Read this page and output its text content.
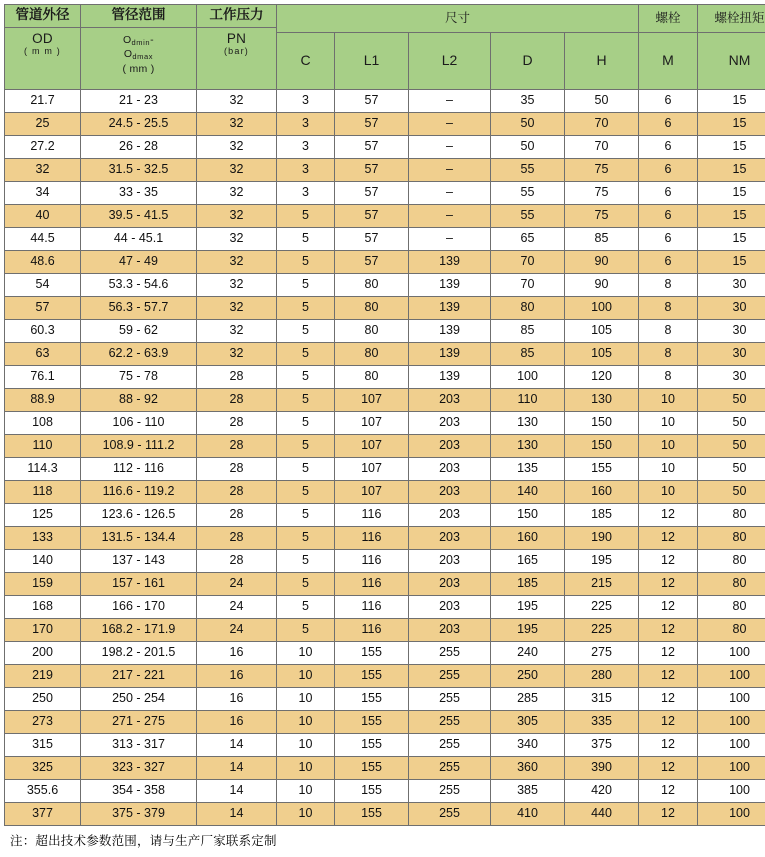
管道外径
OD
( m m )	管径范围
Odmin-
Odmax
( mm )	工作压力
PN
(bar)	尺寸					螺栓	螺栓扭矩
			C	L1	L2	D	H	M	NM
21.7	21 - 23	32	3	57	–	35	50	6	15
25	24.5 - 25.5	32	3	57	–	50	70	6	15
27.2	26 - 28	32	3	57	–	50	70	6	15
32	31.5 - 32.5	32	3	57	–	55	75	6	15
34	33 - 35	32	3	57	–	55	75	6	15
40	39.5 - 41.5	32	5	57	–	55	75	6	15
44.5	44 - 45.1	32	5	57	–	65	85	6	15
48.6	47 - 49	32	5	57	139	70	90	6	15
54	53.3 - 54.6	32	5	80	139	70	90	8	30
57	56.3 - 57.7	32	5	80	139	80	100	8	30
60.3	59 - 62	32	5	80	139	85	105	8	30
63	62.2 - 63.9	32	5	80	139	85	105	8	30
76.1	75 - 78	28	5	80	139	100	120	8	30
88.9	88 - 92	28	5	107	203	110	130	10	50
108	106 - 110	28	5	107	203	130	150	10	50
110	108.9 - 111.2	28	5	107	203	130	150	10	50
114.3	112 - 116	28	5	107	203	135	155	10	50
118	116.6 - 119.2	28	5	107	203	140	160	10	50
125	123.6 - 126.5	28	5	116	203	150	185	12	80
133	131.5 - 134.4	28	5	116	203	160	190	12	80
140	137 - 143	28	5	116	203	165	195	12	80
159	157 - 161	24	5	116	203	185	215	12	80
168	166 - 170	24	5	116	203	195	225	12	80
170	168.2 - 171.9	24	5	116	203	195	225	12	80
200	198.2 - 201.5	16	10	155	255	240	275	12	100
219	217 - 221	16	10	155	255	250	280	12	100
250	250 - 254	16	10	155	255	285	315	12	100
273	271 - 275	16	10	155	255	305	335	12	100
315	313 - 317	14	10	155	255	340	375	12	100
325	323 - 327	14	10	155	255	360	390	12	100
355.6	354 - 358	14	10	155	255	385	420	12	100
377	375 - 379	14	10	155	255	410	440	12	100
注：超出技术参数范围，请与生产厂家联系定制
